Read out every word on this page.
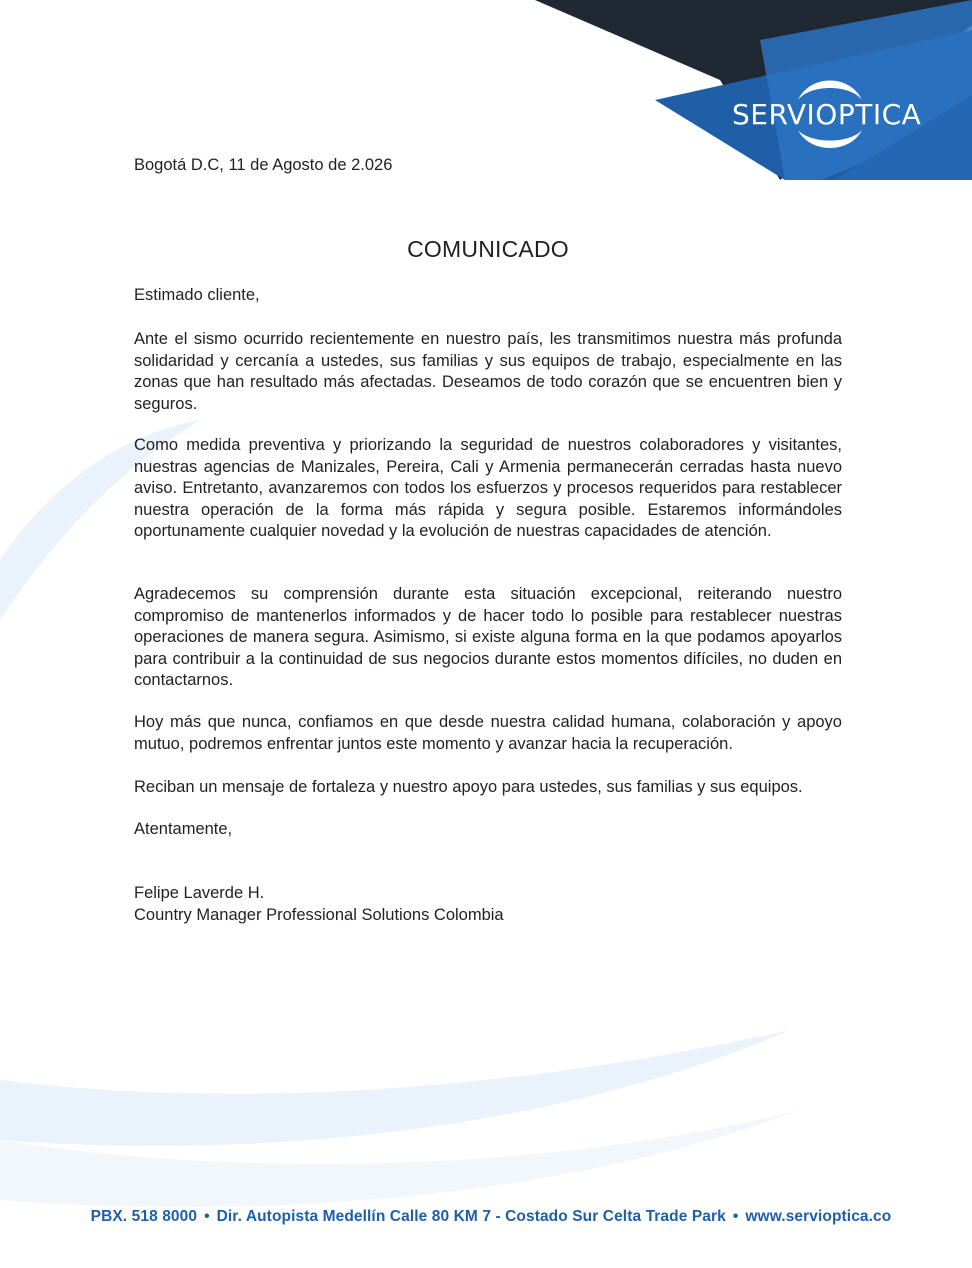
SERVIOPTICA
Bogotá D.C, 11 de Agosto de 2.026
COMUNICADO
Estimado cliente,

Ante el sismo ocurrido recientemente en nuestro país, les transmitimos nuestra más profunda solidaridad y cercanía a ustedes, sus familias y sus equipos de trabajo, especialmente en las zonas que han resultado más afectadas. Deseamos de todo corazón que se encuentren bien y seguros.

Como medida preventiva y priorizando la seguridad de nuestros colaboradores y visitantes, nuestras agencias de Manizales, Pereira, Cali y Armenia permanecerán cerradas hasta nuevo aviso. Entretanto, avanzaremos con todos los esfuerzos y procesos requeridos para restablecer nuestra operación de la forma más rápida y segura posible. Estaremos informándoles oportunamente cualquier novedad y la evolución de nuestras capacidades de atención.

Agradecemos su comprensión durante esta situación excepcional, reiterando nuestro compromiso de mantenerlos informados y de hacer todo lo posible para restablecer nuestras operaciones de manera segura. Asimismo, si existe alguna forma en la que podamos apoyarlos para contribuir a la continuidad de sus negocios durante estos momentos difíciles, no duden en contactarnos.

Hoy más que nunca, confiamos en que desde nuestra calidad humana, colaboración y apoyo mutuo, podremos enfrentar juntos este momento y avanzar hacia la recuperación.

Reciban un mensaje de fortaleza y nuestro apoyo para ustedes, sus familias y sus equipos.

Atentamente,
Felipe Laverde H.
Country Manager Professional Solutions Colombia
PBX. 518 8000 • Dir. Autopista Medellín Calle 80 KM 7 - Costado Sur Celta Trade Park • www.servioptica.co
